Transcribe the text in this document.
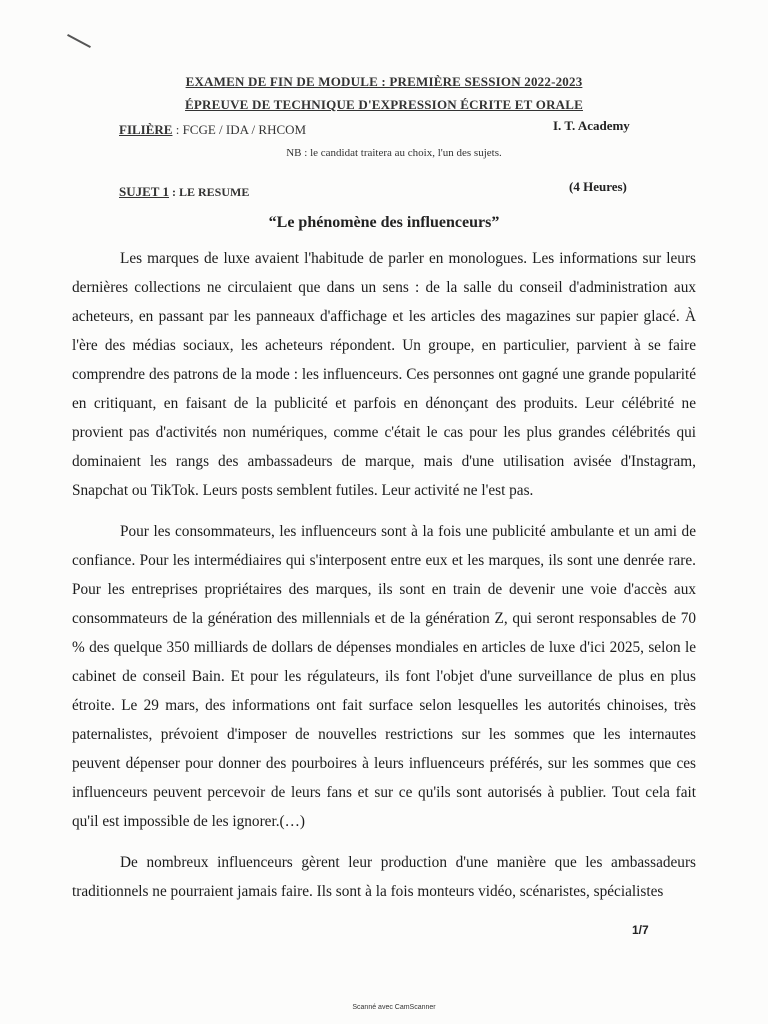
EXAMEN DE FIN DE MODULE : PREMIÈRE SESSION 2022-2023
ÉPREUVE DE TECHNIQUE D'EXPRESSION ÉCRITE ET ORALE
FILIÈRE : FCGE / IDA / RHCOM	I. T. Academy
NB : le candidat traitera au choix, l'un des sujets.
SUJET 1 : LE RESUME	(4 Heures)
“Le phénomène des influenceurs”

Les marques de luxe avaient l'habitude de parler en monologues. Les informations sur leurs dernières collections ne circulaient que dans un sens : de la salle du conseil d'administration aux acheteurs, en passant par les panneaux d'affichage et les articles des magazines sur papier glacé. À l'ère des médias sociaux, les acheteurs répondent. Un groupe, en particulier, parvient à se faire comprendre des patrons de la mode : les influenceurs. Ces personnes ont gagné une grande popularité en critiquant, en faisant de la publicité et parfois en dénonçant des produits. Leur célébrité ne provient pas d'activités non numériques, comme c'était le cas pour les plus grandes célébrités qui dominaient les rangs des ambassadeurs de marque, mais d'une utilisation avisée d'Instagram, Snapchat ou TikTok. Leurs posts semblent futiles. Leur activité ne l'est pas.

Pour les consommateurs, les influenceurs sont à la fois une publicité ambulante et un ami de confiance. Pour les intermédiaires qui s'interposent entre eux et les marques, ils sont une denrée rare. Pour les entreprises propriétaires des marques, ils sont en train de devenir une voie d'accès aux consommateurs de la génération des millennials et de la génération Z, qui seront responsables de 70 % des quelque 350 milliards de dollars de dépenses mondiales en articles de luxe d'ici 2025, selon le cabinet de conseil Bain. Et pour les régulateurs, ils font l'objet d'une surveillance de plus en plus étroite. Le 29 mars, des informations ont fait surface selon lesquelles les autorités chinoises, très paternalistes, prévoient d'imposer de nouvelles restrictions sur les sommes que les internautes peuvent dépenser pour donner des pourboires à leurs influenceurs préférés, sur les sommes que ces influenceurs peuvent percevoir de leurs fans et sur ce qu'ils sont autorisés à publier. Tout cela fait qu'il est impossible de les ignorer.(…)

De nombreux influenceurs gèrent leur production d'une manière que les ambassadeurs traditionnels ne pourraient jamais faire. Ils sont à la fois monteurs vidéo, scénaristes, spécialistes

1/7
Scanné avec CamScanner
